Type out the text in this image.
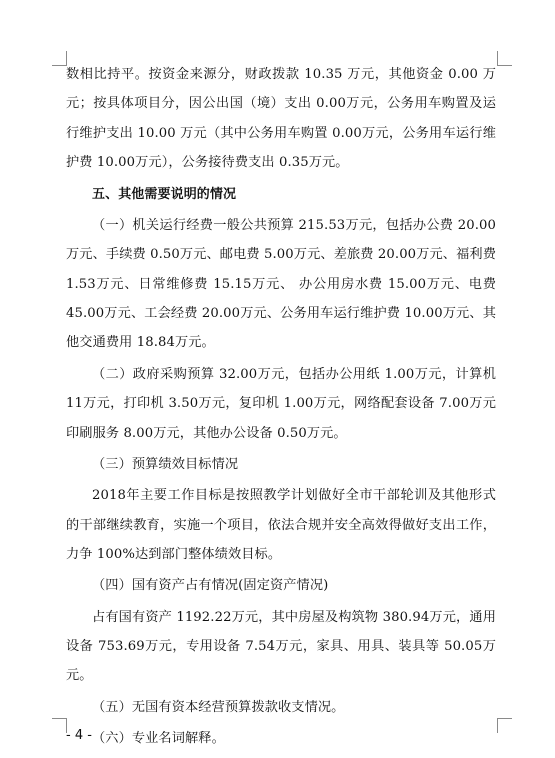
数相比持平。按资金来源分，财政拨款 10.35 万元，其他资金 0.00 万元；按具体项目分，因公出国（境）支出 0.00万元，公务用车购置及运行维护支出 10.00 万元（其中公务用车购置 0.00万元，公务用车运行维护费 10.00万元），公务接待费支出 0.35万元。

五、其他需要说明的情况

（一）机关运行经费一般公共预算 215.53万元，包括办公费 20.00万元、手续费 0.50万元、邮电费 5.00万元、差旅费 20.00万元、福利费 1.53万元、日常维修费 15.15万元、 办公用房水费 15.00万元、电费 45.00万元、工会经费 20.00万元、公务用车运行维护费 10.00万元、其他交通费用 18.84万元。

（二）政府采购预算 32.00万元，包括办公用纸 1.00万元，计算机 11万元，打印机 3.50万元，复印机 1.00万元，网络配套设备 7.00万元印刷服务 8.00万元，其他办公设备 0.50万元。

（三）预算绩效目标情况

2018年主要工作目标是按照教学计划做好全市干部轮训及其他形式的干部继续教育，实施一个项目，依法合规并安全高效得做好支出工作，力争 100%达到部门整体绩效目标。

（四）国有资产占有情况(固定资产情况)

占有国有资产 1192.22万元，其中房屋及构筑物 380.94万元，通用设备 753.69万元，专用设备 7.54万元，家具、用具、装具等 50.05万元。

（五）无国有资本经营预算拨款收支情况。

（六）专业名词解释。

- 4 -
